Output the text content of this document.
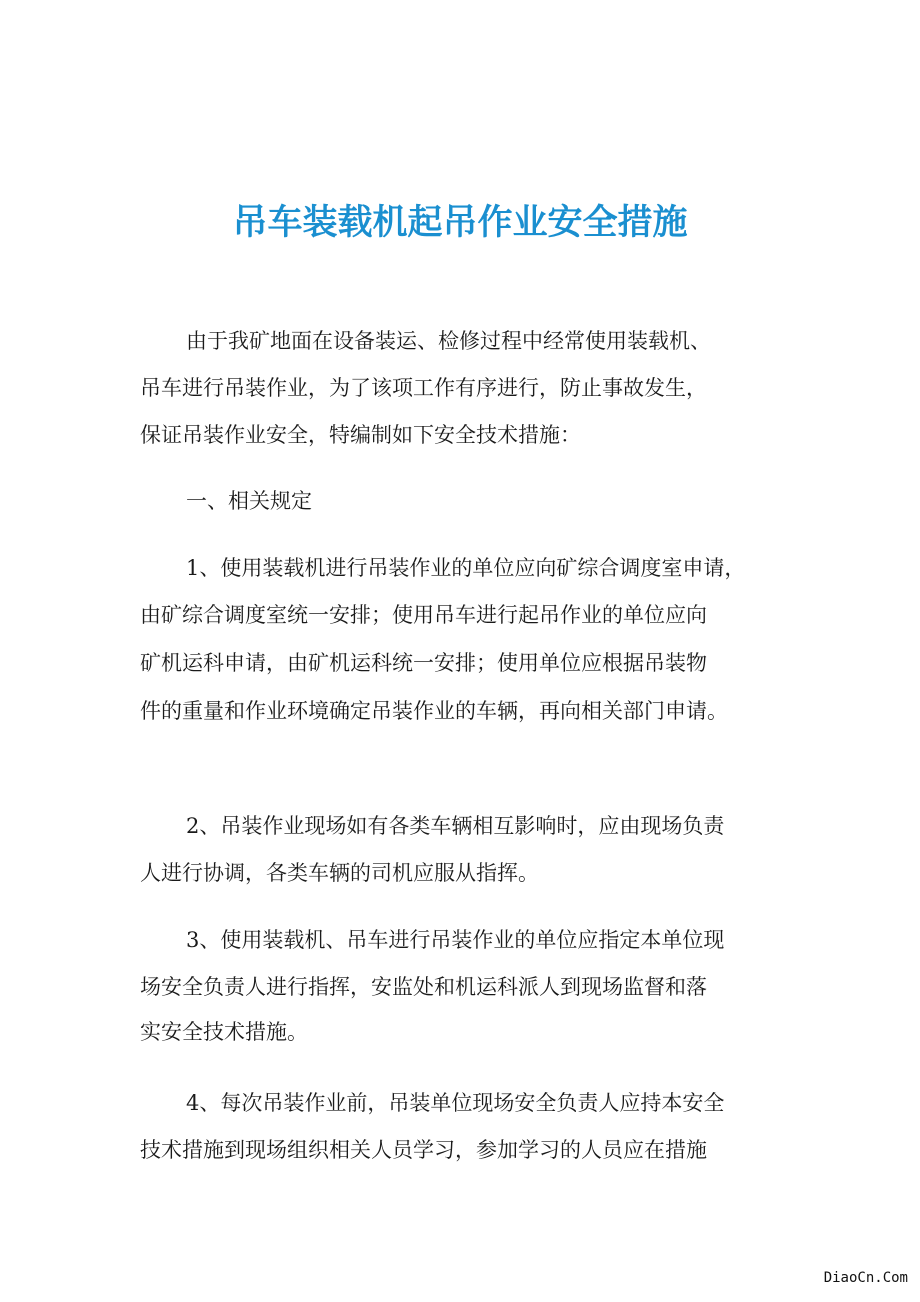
吊车装载机起吊作业安全措施

由于我矿地面在设备装运、检修过程中经常使用装载机、

吊车进行吊装作业，为了该项工作有序进行，防止事故发生，

保证吊装作业安全，特编制如下安全技术措施：

一、相关规定

1、使用装载机进行吊装作业的单位应向矿综合调度室申请，

由矿综合调度室统一安排；使用吊车进行起吊作业的单位应向

矿机运科申请，由矿机运科统一安排；使用单位应根据吊装物

件的重量和作业环境确定吊装作业的车辆，再向相关部门申请。

2、吊装作业现场如有各类车辆相互影响时，应由现场负责

人进行协调，各类车辆的司机应服从指挥。

3、使用装载机、吊车进行吊装作业的单位应指定本单位现

场安全负责人进行指挥，安监处和机运科派人到现场监督和落

实安全技术措施。

4、每次吊装作业前，吊装单位现场安全负责人应持本安全

技术措施到现场组织相关人员学习，参加学习的人员应在措施

DiaoCn.Com
